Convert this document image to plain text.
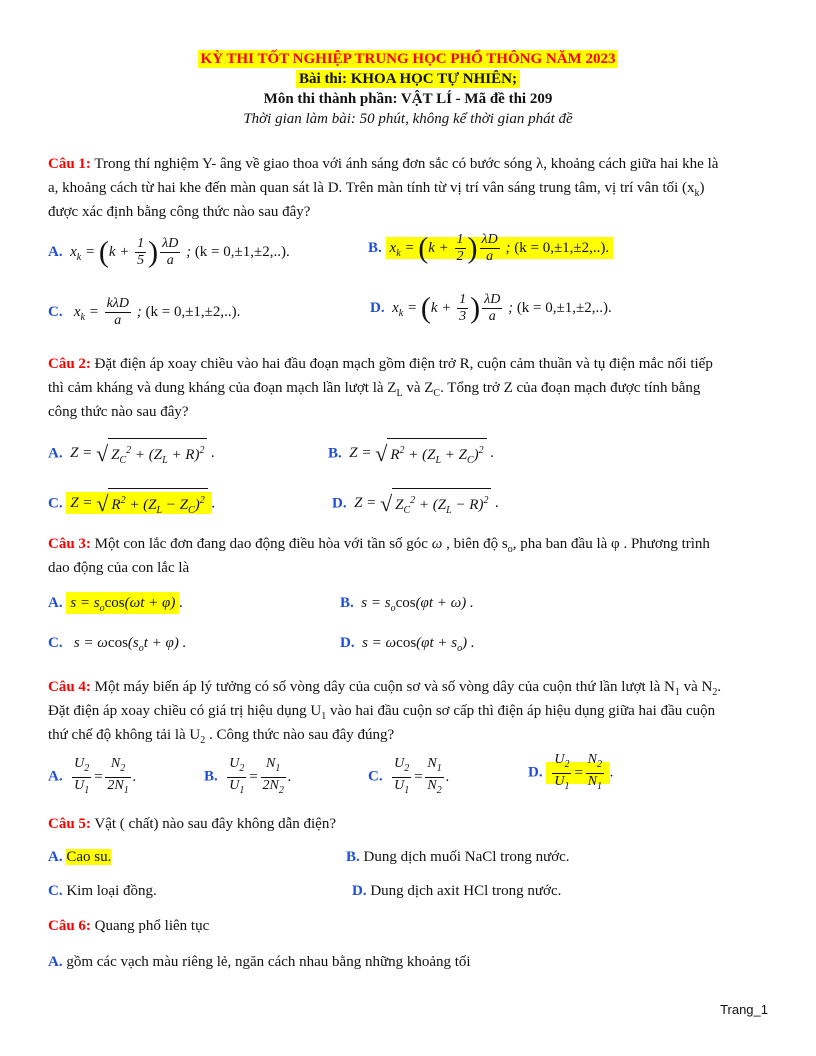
KỲ THI TỐT NGHIỆP TRUNG HỌC PHỔ THÔNG NĂM 2023
Bài thi: KHOA HỌC TỰ NHIÊN;
Môn thi thành phần: VẬT LÍ - Mã đề thi 209
Thời gian làm bài: 50 phút, không kể thời gian phát đề
Câu 1: Trong thí nghiệm Y- âng về giao thoa với ánh sáng đơn sắc có bước sóng λ, khoảng cách giữa hai khe là
a, khoảng cách từ hai khe đến màn quan sát là D. Trên màn tính từ vị trí vân sáng trung tâm, vị trí vân tối $(x_k)$
được xác định bằng công thức nào sau đây?
A.  $x_k = (k + \frac{1}{5}$ ) $\frac{\lambda D}{a}$ ; (k = 0,±1,±2,..).	B. $x_k = (k + \frac{1}{2}$ ) $\frac{\lambda D}{a}$ ; (k = 0,±1,±2,..).
C.   $x_k = \frac{\text{kλD}}{a}$ ; (k = 0,±1,±2,..).	D.  $x_k = (k + \frac{1}{3}$ ) $\frac{\lambda D}{a}$ ; (k = 0,±1,±2,..).
Câu 2: Đặt điện áp xoay chiều vào hai đầu đoạn mạch gồm điện trở R, cuộn cảm thuần và tụ điện mắc nối tiếp
thì cảm kháng và dung kháng của đoạn mạch lần lượt là $Z_L$ và $Z_C$. Tổng trở Z của đoạn mạch được tính bằng
công thức nào sau đây?
A.  Z = √ $Z_C^2 + (Z_L + R)^2$ .	B.  Z = √ $R^2 + (Z_L + Z_C)^2$ .
C. Z = √ $R^2 + (Z_L - Z_C)^2$ .	D.  Z = √ $Z_C^2 + (Z_L - R)^2$ .
Câu 3: Một con lắc đơn đang dao động điều hòa với tần số góc ω , biên độ $s_o$, pha ban đầu là φ . Phương trình
dao động của con lắc là
A. $s = s_o\cos(\omega t + \varphi)$ .	B.  $s = s_o\cos(\varphi t + \omega)$ .
C.   $s = \omega\cos(s_ot + \varphi)$ .	D.  $s = \omega\cos(\varphi t + s_o)$ .
Câu 4: Một máy biến áp lý tưởng có số vòng dây của cuộn sơ và số vòng dây của cuộn thứ lần lượt là $N_1$ và $N_2$.
Đặt điện áp xoay chiều có giá trị hiệu dụng $U_1$ vào hai đầu cuộn sơ cấp thì điện áp hiệu dụng giữa hai đầu cuộn
thứ chế độ không tải là $U_2$ . Công thức nào sau đây đúng?
A. $\frac{U_2}{U_1} = \frac{N_2}{2N_1}$ .	B. $\frac{U_2}{U_1} = \frac{N_1}{2N_2}$ .	C. $\frac{U_2}{U_1} = \frac{N_1}{N_2}$ .	D. $\frac{U_2}{U_1} = \frac{N_2}{N_1}$ .
Câu 5: Vật ( chất) nào sau đây không dẫn điện?
A. Cao su.	B. Dung dịch muối NaCl trong nước.
C. Kim loại đồng.	D. Dung dịch axit HCl trong nước.
Câu 6: Quang phổ liên tục
A. gồm các vạch màu riêng lẻ, ngăn cách nhau bằng những khoảng tối
Trang_1
